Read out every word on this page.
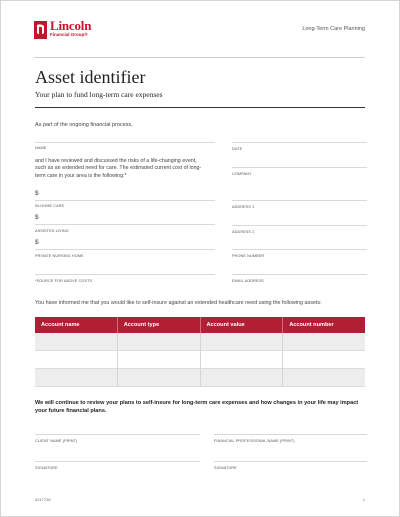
Lincoln
Financial Group®
Long-Term Care Planning
Asset identifier
Your plan to fund long-term care expenses
As part of the ongoing financial process,
NAME
and I have reviewed and discussed the risks of a life-changing event, such as an extended need for care. The estimated current cost of long-term care in your area is the following:*
$
IN-HOME CARE
$
ASSISTED LIVING
$
PRIVATE NURSING HOME
*SOURCE FOR ABOVE COSTS
DATE
COMPANY
ADDRESS 1
ADDRESS 2
PHONE NUMBER
EMAIL ADDRESS
You have informed me that you would like to self-insure against an extended healthcare need using the following assets:
Account name	Account type	Account value	Account number
We will continue to review your plans to self-insure for long-term care expenses and how changes in your life may impact your future financial plans.
CLIENT NAME (PRINT)	FINANCIAL PROFESSIONAL NAME (PRINT)
SIGNATURE	SIGNATURE
4217726	1
